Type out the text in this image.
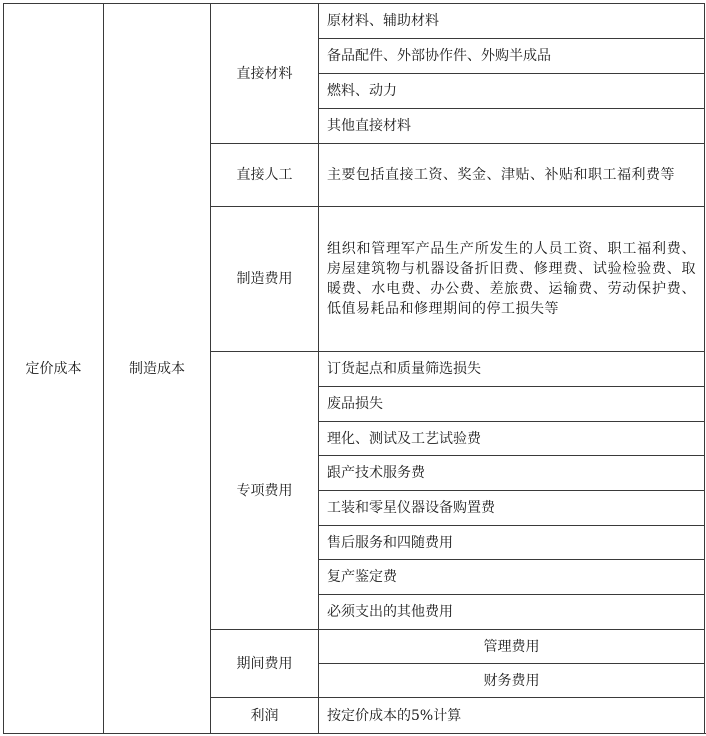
定价成本	制造成本	直接材料	原材料、辅助材料	
			备品配件、外部协作件、外购半成品	
			燃料、动力	
			其他直接材料	
		直接人工	主要包括直接工资、奖金、津贴、补贴和职工福利费等	
		制造费用	组织和管理军产品生产所发生的人员工资、职工福利费、房屋建筑物与机器设备折旧费、修理费、试验检验费、取暖费、水电费、办公费、差旅费、运输费、劳动保护费、低值易耗品和修理期间的停工损失等	
		专项费用	订货起点和质量筛选损失	
			废品损失	
			理化、测试及工艺试验费	
			跟产技术服务费	
			工装和零星仪器设备购置费	
			售后服务和四随费用	
			复产鉴定费	
			必须支出的其他费用	
		期间费用	管理费用	
			财务费用	
		利润	按定价成本的5%计算	
